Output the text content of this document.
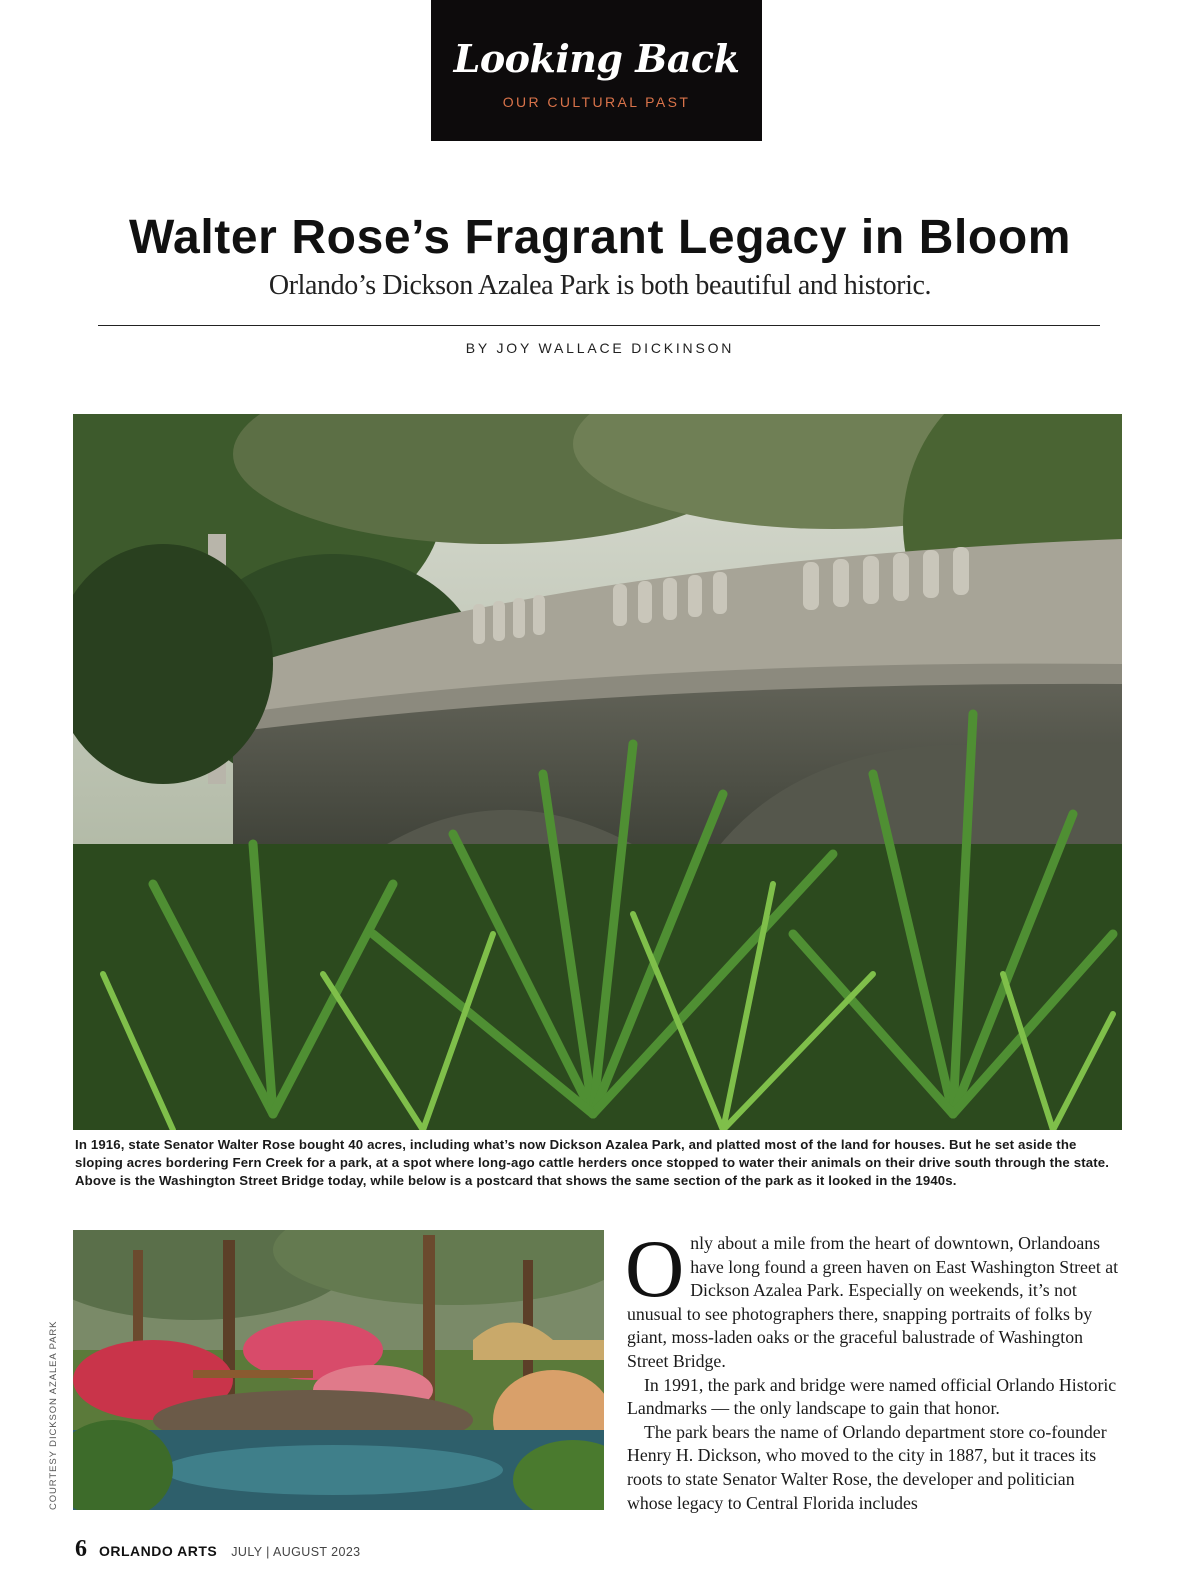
Looking Back
OUR CULTURAL PAST
Walter Rose’s Fragrant Legacy in Bloom
Orlando’s Dickson Azalea Park is both beautiful and historic.
BY JOY WALLACE DICKINSON
In 1916, state Senator Walter Rose bought 40 acres, including what’s now Dickson Azalea Park, and platted most of the land for houses. But he set aside the sloping acres bordering Fern Creek for a park, at a spot where long-ago cattle herders once stopped to water their animals on their drive south through the state. Above is the Washington Street Bridge today, while below is a postcard that shows the same section of the park as it looked in the 1940s.
COURTESY DICKSON AZALEA PARK

Only about a mile from the heart of downtown, Orlandoans have long found a green haven on East Washington Street at Dickson Azalea Park. Especially on weekends, it’s not unusual to see photographers there, snapping portraits of folks by giant, moss-laden oaks or the graceful balustrade of Washington Street Bridge.

In 1991, the park and bridge were named official Orlando Historic Landmarks — the only landscape to gain that honor.

The park bears the name of Orlando department store co-founder Henry H. Dickson, who moved to the city in 1887, but it traces its roots to state Senator Walter Rose, the developer and politician whose legacy to Central Florida includes

6 ORLANDO ARTS JULY | AUGUST 2023
